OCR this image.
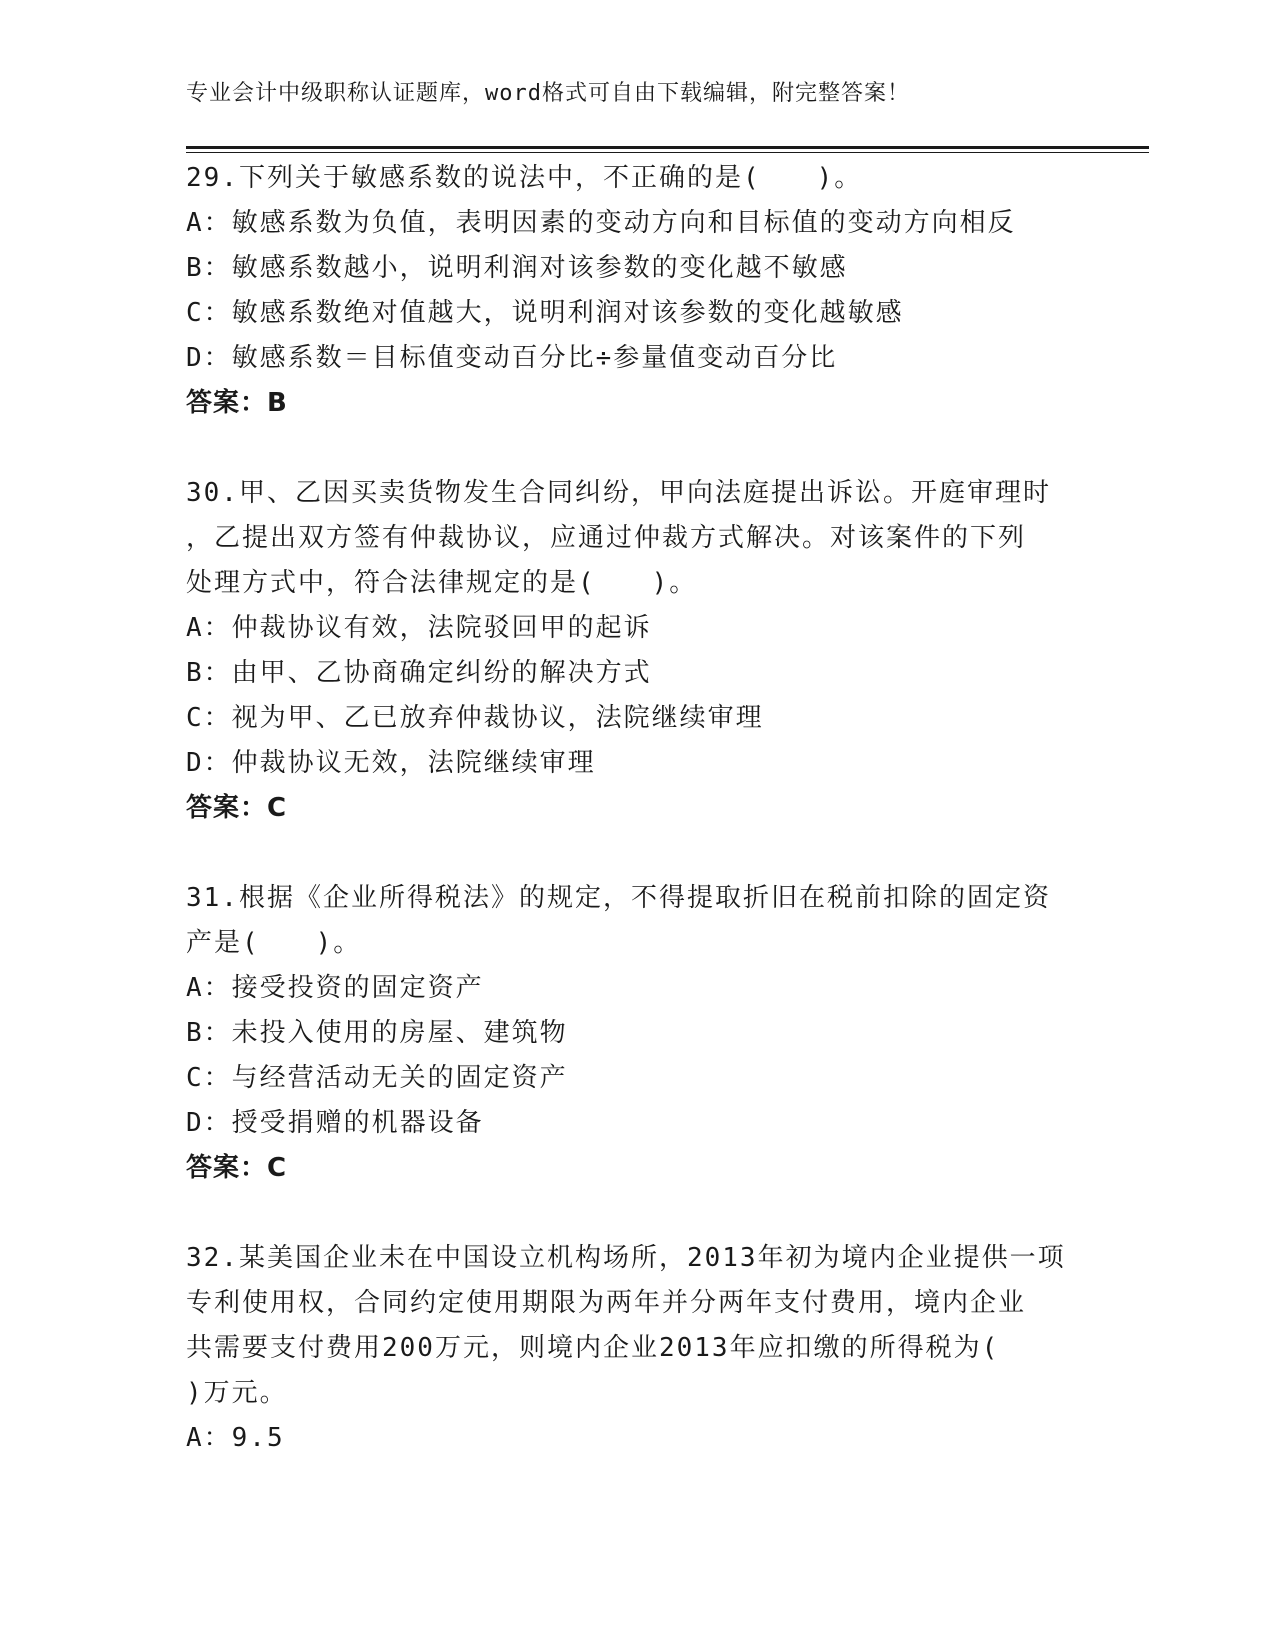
专业会计中级职称认证题库，word格式可自由下载编辑，附完整答案！
29.下列关于敏感系数的说法中，不正确的是(　　)。
A：敏感系数为负值，表明因素的变动方向和目标值的变动方向相反
B：敏感系数越小，说明利润对该参数的变化越不敏感
C：敏感系数绝对值越大，说明利润对该参数的变化越敏感
D：敏感系数＝目标值变动百分比÷参量值变动百分比
答案：B
30.甲、乙因买卖货物发生合同纠纷，甲向法庭提出诉讼。开庭审理时
，乙提出双方签有仲裁协议，应通过仲裁方式解决。对该案件的下列
处理方式中，符合法律规定的是(　　)。
A：仲裁协议有效，法院驳回甲的起诉
B：由甲、乙协商确定纠纷的解决方式
C：视为甲、乙已放弃仲裁协议，法院继续审理
D：仲裁协议无效，法院继续审理
答案：C
31.根据《企业所得税法》的规定，不得提取折旧在税前扣除的固定资
产是(　　)。
A：接受投资的固定资产
B：未投入使用的房屋、建筑物
C：与经营活动无关的固定资产
D：授受捐赠的机器设备
答案：C
32.某美国企业未在中国设立机构场所，2013年初为境内企业提供一项
专利使用权，合同约定使用期限为两年并分两年支付费用，境内企业
共需要支付费用200万元，则境内企业2013年应扣缴的所得税为(
)万元。
A：9.5
